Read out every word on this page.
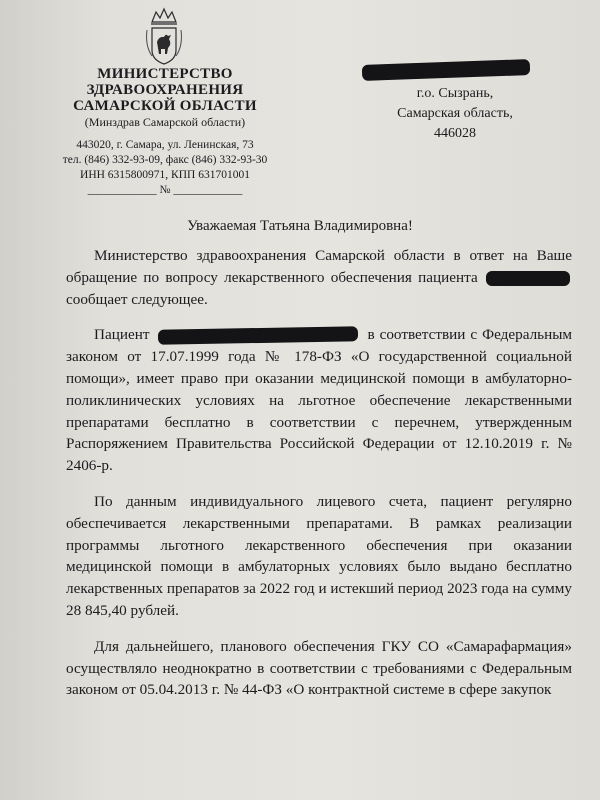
МИНИСТЕРСТВО

ЗДРАВООХРАНЕНИЯ

САМАРСКОЙ ОБЛАСТИ

(Минздрав Самарской области)
443020, г. Самара, ул. Ленинская, 73
тел. (846) 332-93-09, факс (846) 332-93-30
ИНН 6315800971, КПП 631701001
____________ № ____________
г.о. Сызрань,
Самарская область,
446028
Уважаемая Татьяна Владимировна!

Министерство здравоохранения Самарской области в ответ на Ваше обращение по вопросу лекарственного обеспечения пациента  сообщает следующее.

Пациент	в соответствии с Федеральным законом от 17.07.1999 года № 178-ФЗ «О государственной социальной помощи», имеет право при оказании медицинской помощи в амбулаторно-поликлинических условиях на льготное обеспечение лекарственными препаратами бесплатно в соответствии с перечнем, утвержденным Распоряжением Правительства Российской Федерации от 12.10.2019 г. № 2406-р.

По данным индивидуального лицевого счета, пациент регулярно обеспечивается лекарственными препаратами. В рамках реализации программы льготного лекарственного обеспечения при оказании медицинской помощи в амбулаторных условиях было выдано бесплатно лекарственных препаратов за 2022 год и истекший период 2023 года на сумму 28 845,40 рублей.

Для дальнейшего, планового обеспечения ГКУ СО «Самарафармация» осуществляло неоднократно в соответствии с требованиями с Федеральным законом от 05.04.2013 г. № 44-ФЗ «О контрактной системе в сфере закупок
